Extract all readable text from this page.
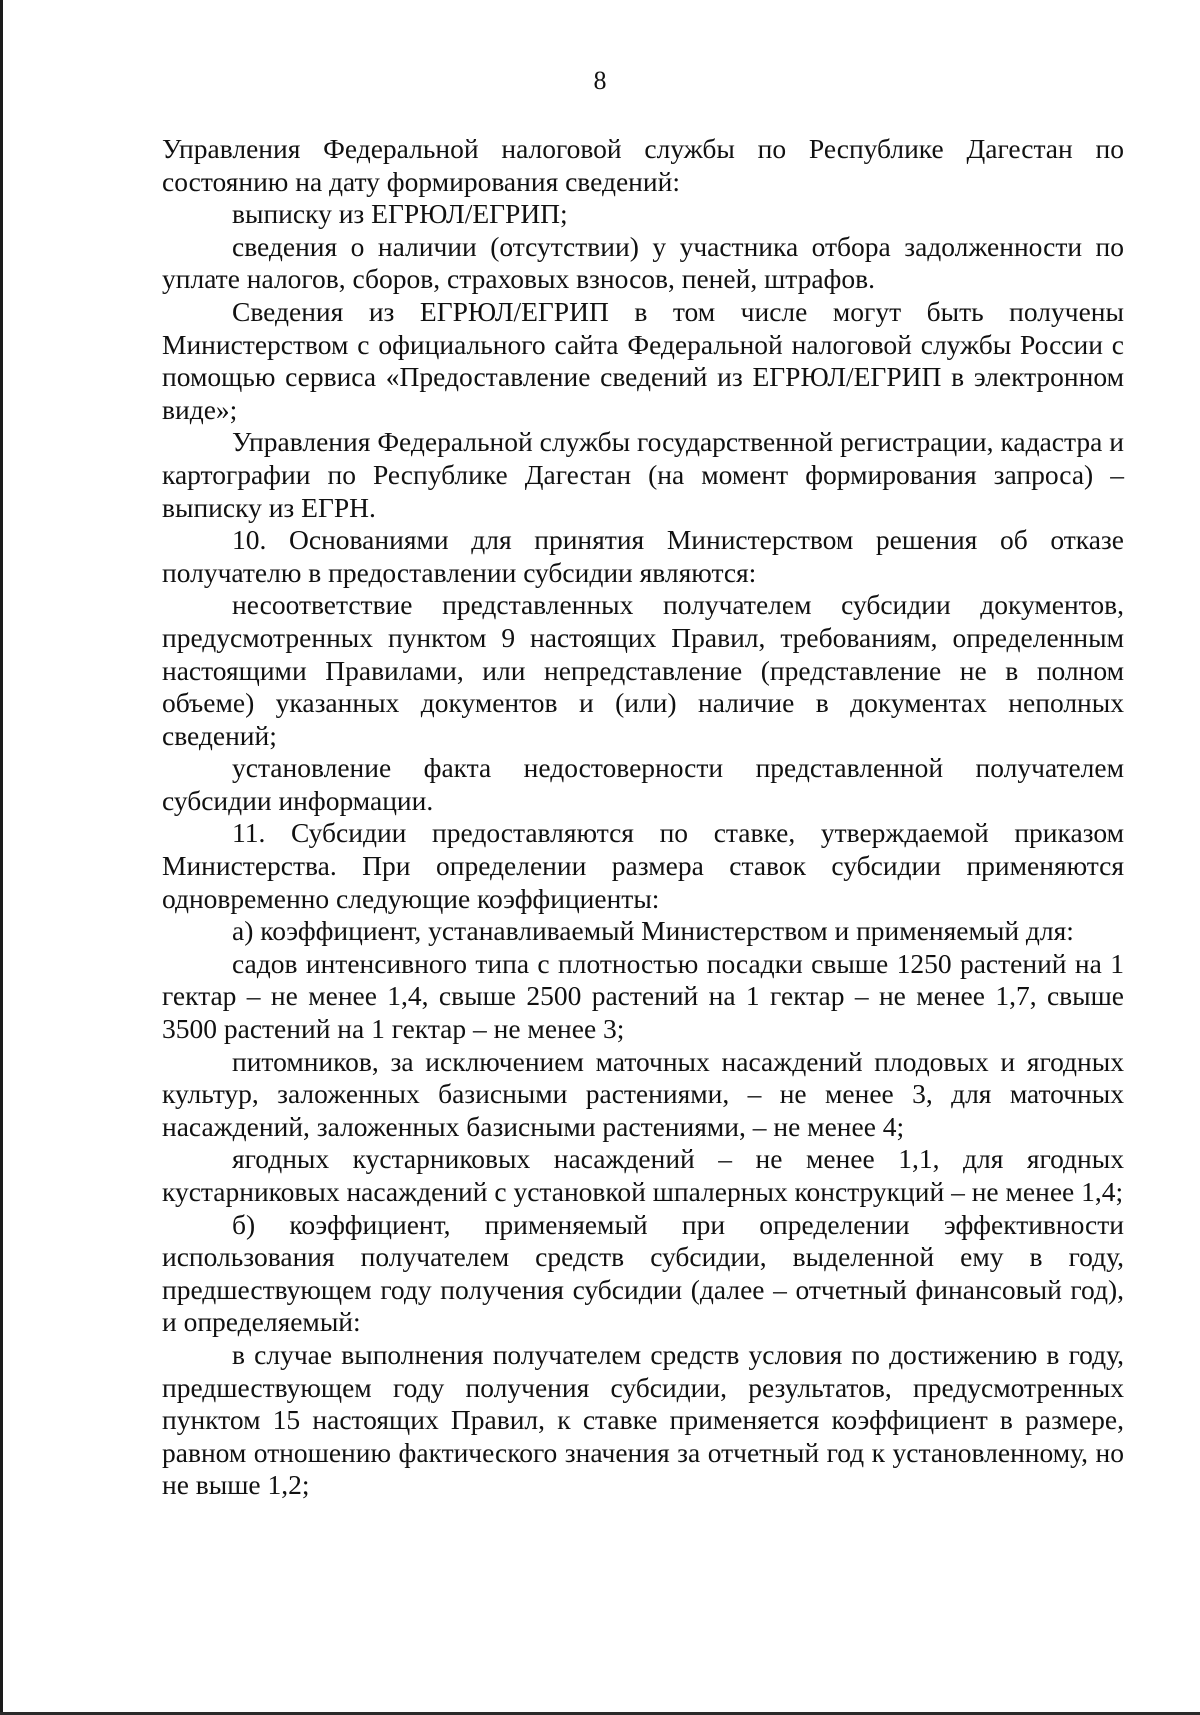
8

Управления Федеральной налоговой службы по Республике Дагестан по состоянию на дату формирования сведений:

выписку из ЕГРЮЛ/ЕГРИП;

сведения о наличии (отсутствии) у участника отбора задолженности по уплате налогов, сборов, страховых взносов, пеней, штрафов.

Сведения из ЕГРЮЛ/ЕГРИП в том числе могут быть получены Министерством с официального сайта Федеральной налоговой службы России с помощью сервиса «Предоставление сведений из ЕГРЮЛ/ЕГРИП в электронном виде»;

Управления Федеральной службы государственной регистрации, кадастра и картографии по Республике Дагестан (на момент формирования запроса) – выписку из ЕГРН.

10. Основаниями для принятия Министерством решения об отказе получателю в предоставлении субсидии являются:

несоответствие представленных получателем субсидии документов, предусмотренных пунктом 9 настоящих Правил, требованиям, определенным настоящими Правилами, или непредставление (представление не в полном объеме) указанных документов и (или) наличие в документах неполных сведений;

установление факта недостоверности представленной получателем субсидии информации.

11. Субсидии предоставляются по ставке, утверждаемой приказом Министерства. При определении размера ставок субсидии применяются одновременно следующие коэффициенты:

а) коэффициент, устанавливаемый Министерством и применяемый для:

садов интенсивного типа с плотностью посадки свыше 1250 растений на 1 гектар – не менее 1,4, свыше 2500 растений на 1 гектар – не менее 1,7, свыше 3500 растений на 1 гектар – не менее 3;

питомников, за исключением маточных насаждений плодовых и ягодных культур, заложенных базисными растениями, – не менее 3, для маточных насаждений, заложенных базисными растениями, – не менее 4;

ягодных кустарниковых насаждений – не менее 1,1, для ягодных кустарниковых насаждений с установкой шпалерных конструкций – не менее 1,4;

б) коэффициент, применяемый при определении эффективности использования получателем средств субсидии, выделенной ему в году, предшествующем году получения субсидии (далее – отчетный финансовый год), и определяемый:

в случае выполнения получателем средств условия по достижению в году, предшествующем году получения субсидии, результатов, предусмотренных пунктом 15 настоящих Правил, к ставке применяется коэффициент в размере, равном отношению фактического значения за отчетный год к установленному, но не выше 1,2;
